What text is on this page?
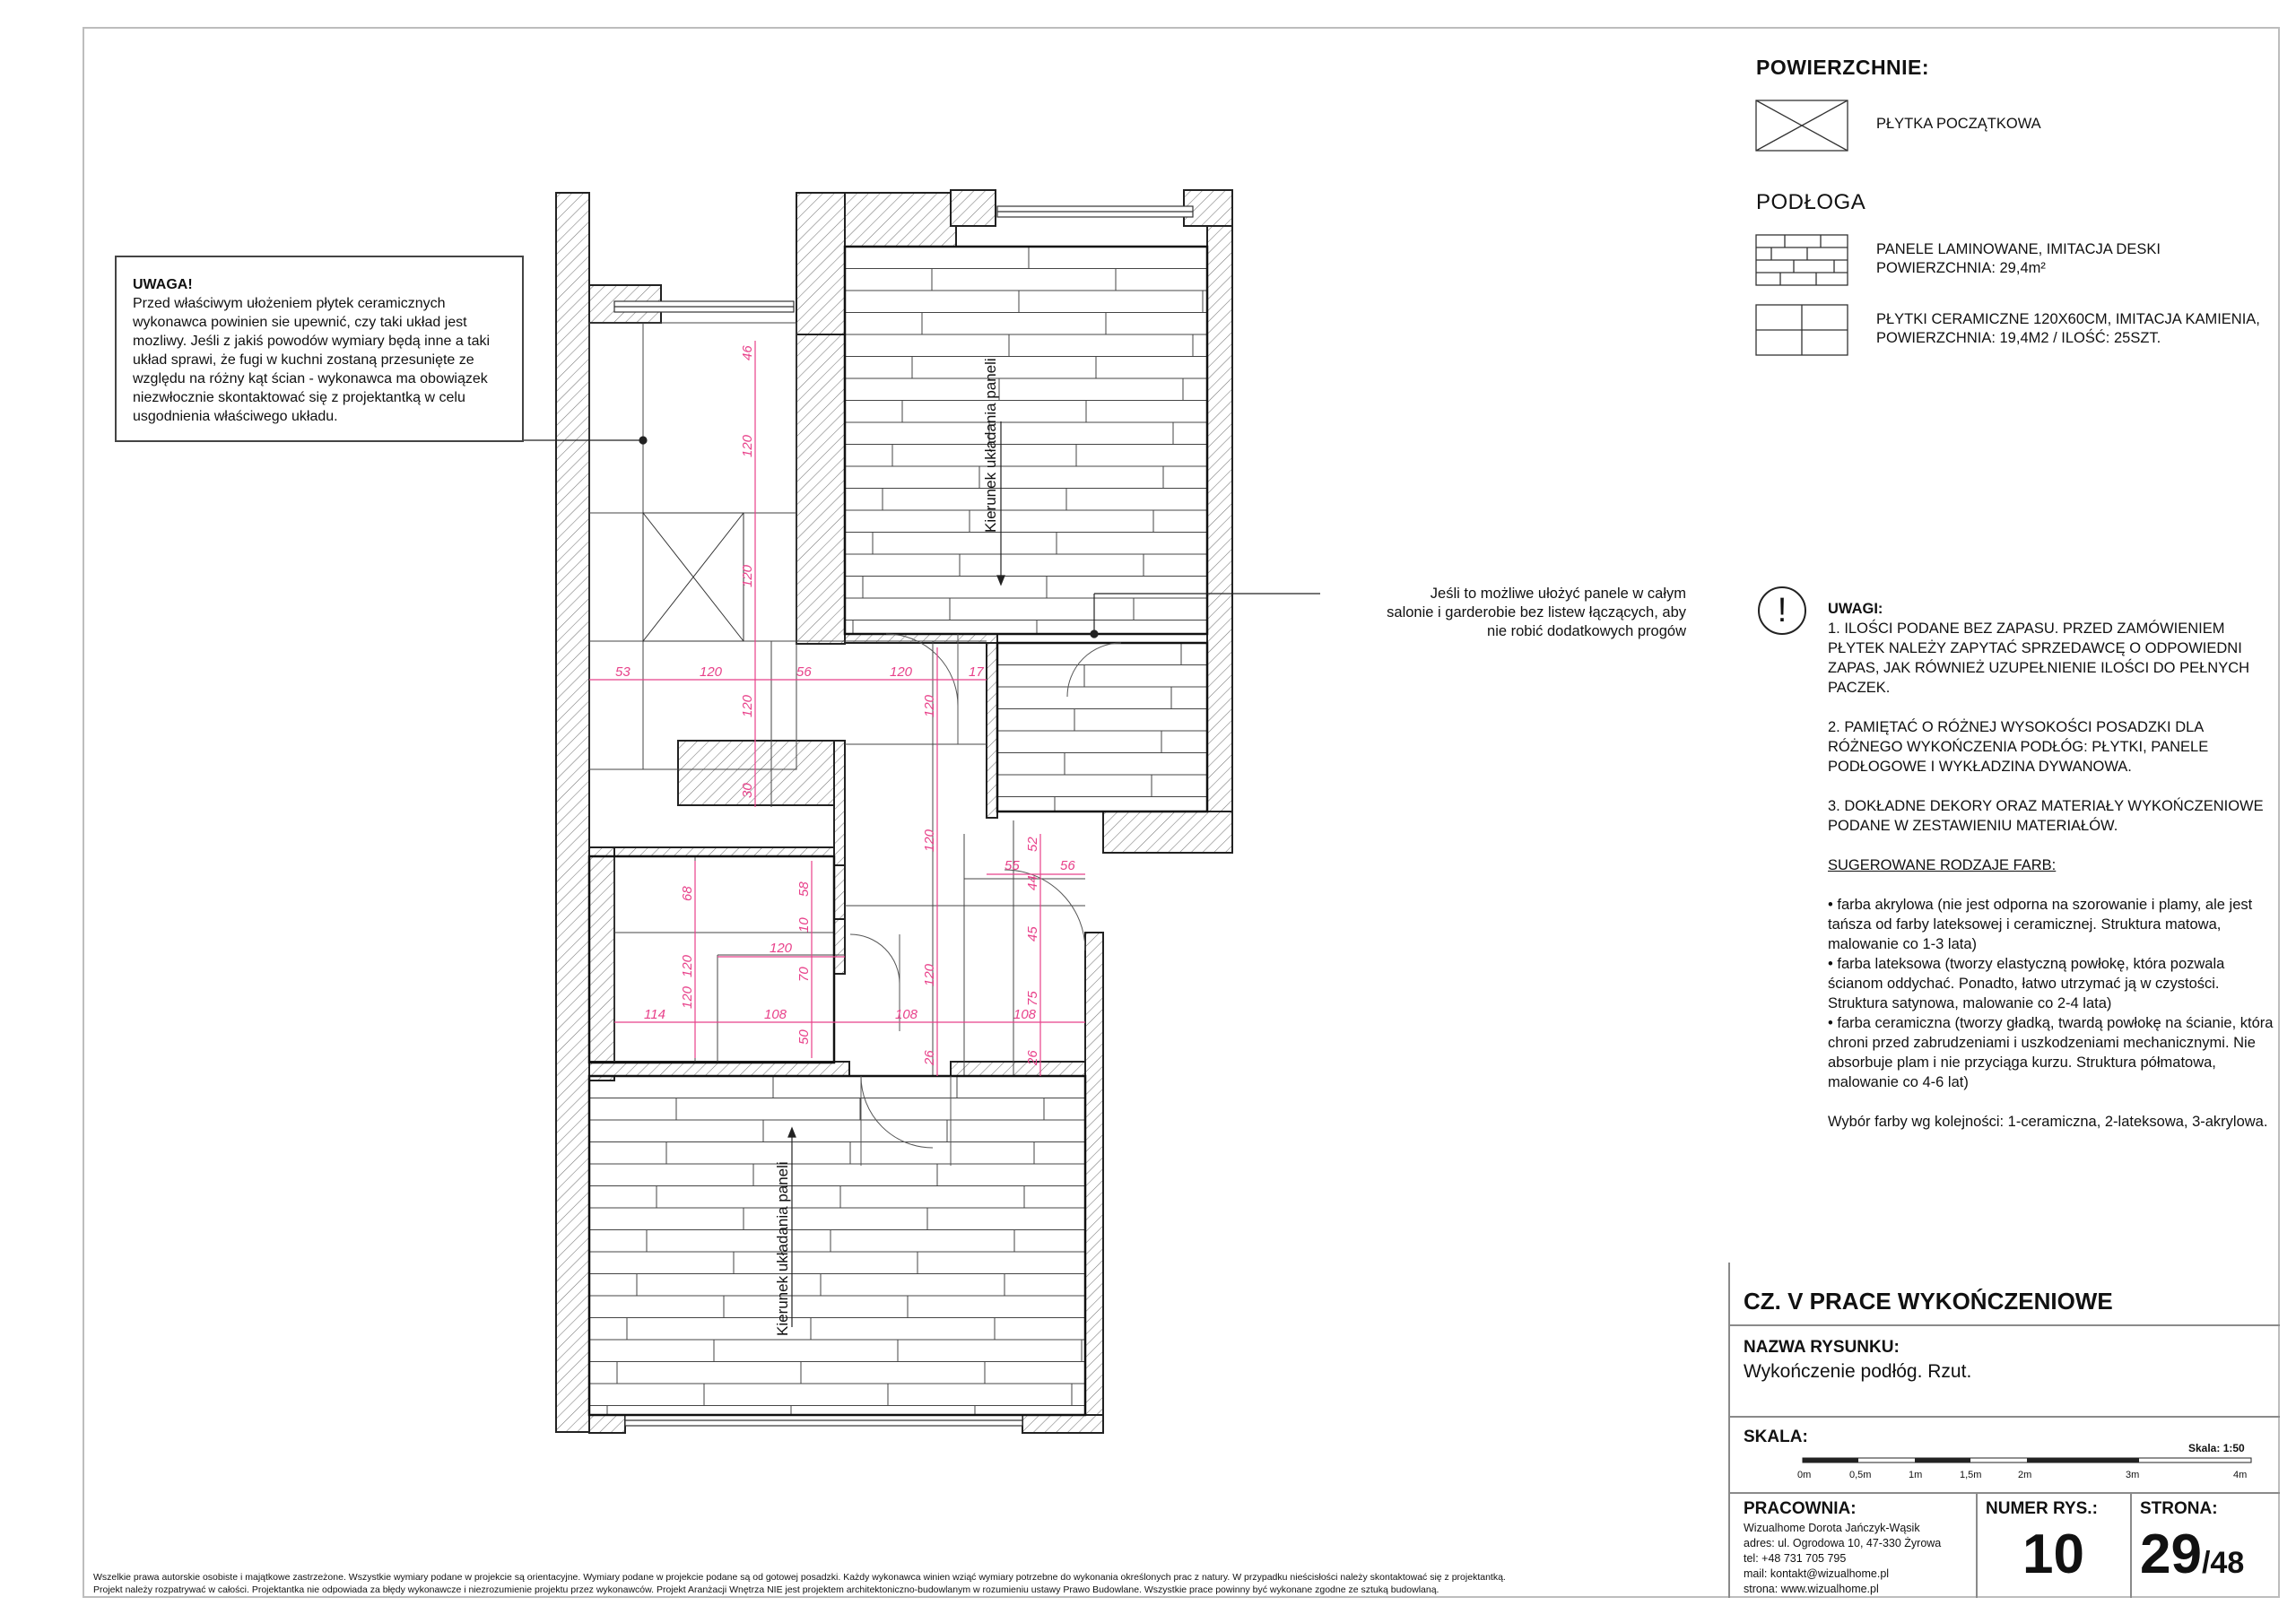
53	120	56	120	17
120
114	108	108	108
55	56
46
120
120
120
30
120
120
68	58
10
70
120
50
26	26
120
52
44
45
75
120
Kierunek układania paneli
Kierunek układania paneli
0m	0,5m	1m	1,5m	2m	3m	4m
UWAGA!
Przed właściwym ułożeniem płytek ceramicznych
wykonawca powinien sie upewnić, czy taki układ jest
mozliwy. Jeśli z jakiś powodów wymiary będą inne a taki
układ sprawi, że fugi w kuchni zostaną przesunięte ze
względu na różny kąt ścian - wykonawca ma obowiązek
niezwłocznie skontaktować się z projektantką w celu
usgodnienia właściwego układu.
Jeśli to możliwe ułożyć panele w całym
salonie i garderobie bez listew łączących, aby
nie robić dodatkowych progów
POWIERZCHNIE:
PŁYTKA POCZĄTKOWA
PODŁOGA
PANELE LAMINOWANE, IMITACJA DESKI
POWIERZCHNIA: 29,4m²
PŁYTKI CERAMICZNE 120X60CM, IMITACJA KAMIENIA,
POWIERZCHNIA: 19,4M2 / ILOŚĆ: 25SZT.
!	UWAGI:

1. ILOŚCI PODANE BEZ ZAPASU. PRZED ZAMÓWIENIEM PŁYTEK NALEŻY ZAPYTAĆ SPRZEDAWCĘ O ODPOWIEDNI ZAPAS, JAK RÓWNIEŻ UZUPEŁNIENIE ILOŚCI DO PEŁNYCH PACZEK.

2. PAMIĘTAĆ O RÓŻNEJ WYSOKOŚCI POSADZKI DLA RÓŻNEGO WYKOŃCZENIA PODŁÓG: PŁYTKI, PANELE PODŁOGOWE I WYKŁADZINA DYWANOWA.

3. DOKŁADNE DEKORY ORAZ MATERIAŁY WYKOŃCZENIOWE PODANE W ZESTAWIENIU MATERIAŁÓW.

SUGEROWANE RODZAJE FARB:

• farba akrylowa (nie jest odporna na szorowanie i plamy, ale jest tańsza od farby lateksowej i ceramicznej. Struktura matowa, malowanie co 1-3 lata)

• farba lateksowa (tworzy elastyczną powłokę, która pozwala ścianom oddychać. Ponadto, łatwo utrzymać ją w czystości. Struktura satynowa, malowanie co 2-4 lata)

• farba ceramiczna (tworzy gładką, twardą powłokę na ścianie, która chroni przed zabrudzeniami i uszkodzeniami mechanicznymi. Nie absorbuje plam i nie przyciąga kurzu. Struktura półmatowa, malowanie co 4-6 lat)

Wybór farby wg kolejności: 1-ceramiczna, 2-lateksowa, 3-akrylowa.

CZ. V PRACE WYKOŃCZENIOWE
NAZWA RYSUNKU:
Wykończenie podłóg. Rzut.
SKALA:
Skala: 1:50
PRACOWNIA:
Wizualhome Dorota Jańczyk-Wąsik
adres: ul. Ogrodowa 10, 47-330 Żyrowa
tel: +48 731 705 795
mail: kontakt@wizualhome.pl
strona: www.wizualhome.pl
NUMER RYS.:
10
STRONA:
29/48
Wszelkie prawa autorskie osobiste i majątkowe zastrzeżone. Wszystkie wymiary podane w projekcie są orientacyjne. Wymiary podane w projekcie podane są od gotowej posadzki. Każdy wykonawca winien wziąć wymiary potrzebne do wykonania określonych prac z natury. W przypadku nieścisłości należy skontaktować się z projektantką.
Projekt należy rozpatrywać w całości. Projektantka nie odpowiada za błędy wykonawcze i niezrozumienie projektu przez wykonawców. Projekt Aranżacji Wnętrza NIE jest projektem architektoniczno-budowlanym w rozumieniu ustawy Prawo Budowlane. Wszystkie prace powinny być wykonane zgodne ze sztuką budowlaną.
